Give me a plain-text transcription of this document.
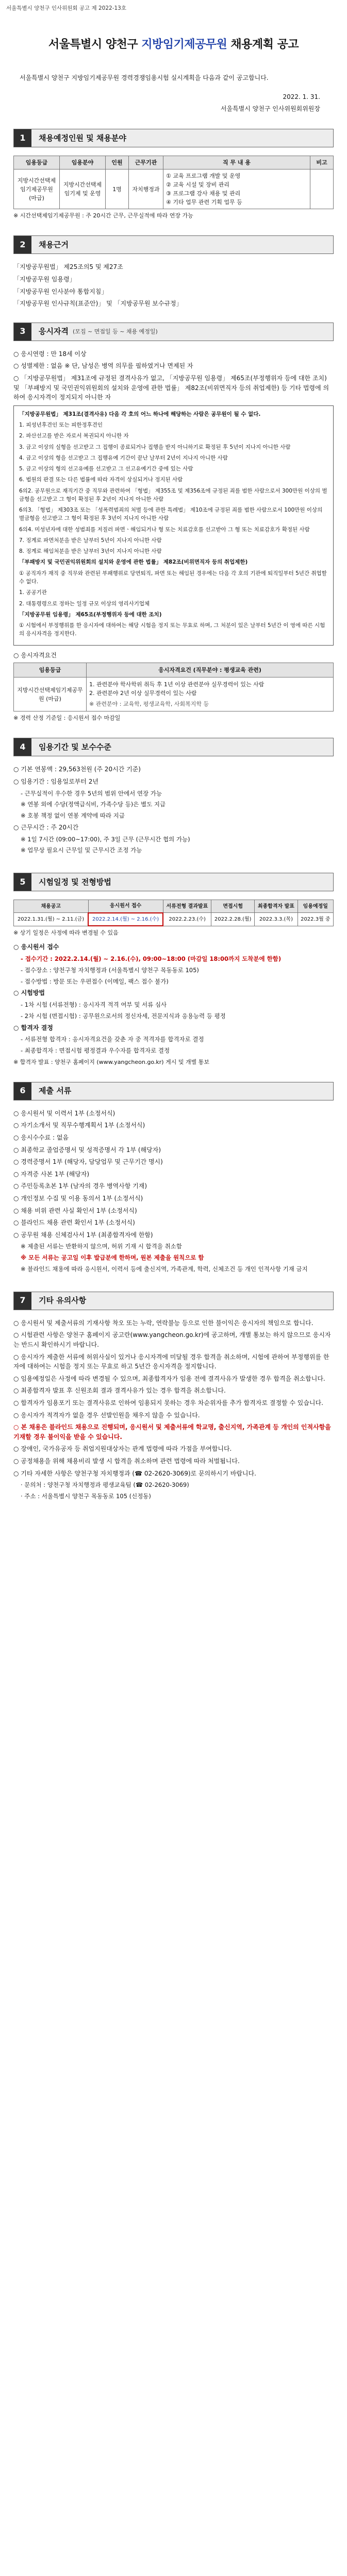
서울특별시 양천구 인사위원회 공고 제 2022-13호
서울특별시 양천구 지방임기제공무원 채용계획 공고

서울특별시 양천구 지방임기제공무원 경력경쟁임용시험 실시계획을 다음과 같이 공고합니다.

2022. 1. 31.
서울특별시 양천구 인사위원회위원장
1	채용예정인원 및 채용분야
임용등급	임용분야	인원	근무기관	직 무 내 용	비고
지방시간선택제임기제공무원 (마급)	지방시간선택제임기제 및 운영	1명	자치행정과	① 교육 프로그램 개발 및 운영
② 교육 시설 및 장비 관리
③ 프로그램 강사 채용 및 관리
④ 기타 업무 관련 기획 업무 등	

※ 시간선택제임기제공무원 : 주 20시간 근무, 근무실적에 따라 연장 가능
2	채용근거

「지방공무원법」 제25조의5 및 제27조

「지방공무원 임용령」

「지방공무원 인사분야 통합지침」

「지방공무원 인사규칙(표준안)」 및 「지방공무원 보수규정」

3	응시자격 (모집 ~ 면접일 등 ~ 채용 예정일)

○ 응시연령 : 만 18세 이상

○ 성별제한 : 없음 ※ 단, 남성은 병역 의무를 필하였거나 면제된 자

○ 「지방공무원법」 제31조에 규정된 결격사유가 없고, 「지방공무원 임용령」 제65조(부정행위자 등에 대한 조치) 및 「부패방지 및 국민권익위원회의 설치와 운영에 관한 법률」 제82조(비위면직자 등의 취업제한) 등 기타 법령에 의하여 응시자격이 정지되지 아니한 자

「지방공무원법」 제31조(결격사유) 다음 각 호의 어느 하나에 해당하는 사람은 공무원이 될 수 없다.

1. 피성년후견인 또는 피한정후견인

2. 파산선고를 받은 자로서 복권되지 아니한 자

3. 금고 이상의 실형을 선고받고 그 집행이 종료되거나 집행을 받지 아니하기로 확정된 후 5년이 지나지 아니한 사람

4. 금고 이상의 형을 선고받고 그 집행유예 기간이 끝난 날부터 2년이 지나지 아니한 사람

5. 금고 이상의 형의 선고유예를 선고받고 그 선고유예기간 중에 있는 사람

6. 법원의 판결 또는 다른 법률에 따라 자격이 상실되거나 정지된 사람

6의2. 공무원으로 재직기간 중 직무와 관련하여 「형법」 제355조 및 제356조에 규정된 죄를 범한 사람으로서 300만원 이상의 벌금형을 선고받고 그 형이 확정된 후 2년이 지나지 아니한 사람

6의3. 「형법」 제303조 또는 「성폭력범죄의 처벌 등에 관한 특례법」 제10조에 규정된 죄를 범한 사람으로서 100만원 이상의 벌금형을 선고받고 그 형이 확정된 후 3년이 지나지 아니한 사람

6의4. 미성년자에 대한 성범죄를 저질러 파면ㆍ해임되거나 형 또는 치료감호를 선고받아 그 형 또는 치료감호가 확정된 사람

7. 징계로 파면처분을 받은 날부터 5년이 지나지 아니한 사람

8. 징계로 해임처분을 받은 날부터 3년이 지나지 아니한 사람

「부패방지 및 국민권익위원회의 설치와 운영에 관한 법률」 제82조(비위면직자 등의 취업제한)

① 공직자가 재직 중 직무와 관련된 부패행위로 당연퇴직, 파면 또는 해임된 경우에는 다음 각 호의 기관에 퇴직일부터 5년간 취업할 수 없다.

1. 공공기관

2. 대통령령으로 정하는 일정 규모 이상의 영리사기업체

「지방공무원 임용령」 제65조(부정행위자 등에 대한 조치)

① 시험에서 부정행위를 한 응시자에 대하여는 해당 시험을 정지 또는 무효로 하며, 그 처분이 있은 날부터 5년간 이 영에 따른 시험의 응시자격을 정지한다.

○ 응시자격요건

임용등급	응시자격요건 (직무분야 : 평생교육 관련)
지방시간선택제임기제공무원 (마급)	1. 관련분야 학사학위 취득 후 1년 이상 관련분야 실무경력이 있는 사람
2. 관련분야 2년 이상 실무경력이 있는 사람
※ 관련분야 : 교육학, 평생교육학, 사회복지학 등
※ 경력 산정 기준일 : 응시원서 접수 마감일
4	임용기간 및 보수수준

○ 기본 연봉액 : 29,563천원 (주 20시간 기준)

○ 임용기간 : 임용일로부터 2년

- 근무실적이 우수한 경우 5년의 범위 안에서 연장 가능

※ 연봉 외에 수당(정액급식비, 가족수당 등)은 별도 지급

※ 호봉 책정 없이 연봉 계약에 따라 지급

○ 근무시간 : 주 20시간

※ 1일 7시간 (09:00~17:00), 주 3일 근무 (근무시간 협의 가능)

※ 업무상 필요시 근무일 및 근무시간 조정 가능

5	시험일정 및 전형방법
채용공고	응시원서 접수	서류전형 결과발표	면접시험	최종합격자 발표	임용예정일
2022.1.31.(월) ~ 2.11.(금)	2022.2.14.(월) ~ 2.16.(수)	2022.2.23.(수)	2022.2.28.(월)	2022.3.3.(목)	2022.3월 중
※ 상기 일정은 사정에 따라 변경될 수 있음

○ 응시원서 접수

- 접수기간 : 2022.2.14.(월) ~ 2.16.(수), 09:00~18:00 (마감일 18:00까지 도착분에 한함)

- 접수장소 : 양천구청 자치행정과 (서울특별시 양천구 목동동로 105)

- 접수방법 : 방문 또는 우편접수 (이메일, 팩스 접수 불가)

○ 시험방법

- 1차 시험 (서류전형) : 응시자격 적격 여부 및 서류 심사

- 2차 시험 (면접시험) : 공무원으로서의 정신자세, 전문지식과 응용능력 등 평정

○ 합격자 결정

- 서류전형 합격자 : 응시자격요건을 갖춘 자 중 적격자를 합격자로 결정

- 최종합격자 : 면접시험 평정결과 우수자를 합격자로 결정

※ 합격자 발표 : 양천구 홈페이지 (www.yangcheon.go.kr) 게시 및 개별 통보

6	제출 서류

○ 응시원서 및 이력서 1부 (소정서식)

○ 자기소개서 및 직무수행계획서 1부 (소정서식)

○ 응시수수료 : 없음

○ 최종학교 졸업증명서 및 성적증명서 각 1부 (해당자)

○ 경력증명서 1부 (해당자, 담당업무 및 근무기간 명시)

○ 자격증 사본 1부 (해당자)

○ 주민등록초본 1부 (남자의 경우 병역사항 기재)

○ 개인정보 수집 및 이용 동의서 1부 (소정서식)

○ 채용 비위 관련 사실 확인서 1부 (소정서식)

○ 블라인드 채용 관련 확인서 1부 (소정서식)

○ 공무원 채용 신체검사서 1부 (최종합격자에 한함)

※ 제출된 서류는 반환하지 않으며, 허위 기재 시 합격을 취소함

※ 모든 서류는 공고일 이후 발급분에 한하며, 원본 제출을 원칙으로 함

※ 블라인드 채용에 따라 응시원서, 이력서 등에 출신지역, 가족관계, 학력, 신체조건 등 개인 인적사항 기재 금지

7	기타 유의사항

○ 응시원서 및 제출서류의 기재사항 착오 또는 누락, 연락불능 등으로 인한 불이익은 응시자의 책임으로 합니다.

○ 시험관련 사항은 양천구 홈페이지 공고란(www.yangcheon.go.kr)에 공고하며, 개별 통보는 하지 않으므로 응시자는 반드시 확인하시기 바랍니다.

○ 응시자가 제출한 서류에 허위사실이 있거나 응시자격에 미달될 경우 합격을 취소하며, 시험에 관하여 부정행위를 한 자에 대하여는 시험을 정지 또는 무효로 하고 5년간 응시자격을 정지합니다.

○ 임용예정일은 사정에 따라 변경될 수 있으며, 최종합격자가 임용 전에 결격사유가 발생한 경우 합격을 취소합니다.

○ 최종합격자 발표 후 신원조회 결과 결격사유가 있는 경우 합격을 취소합니다.

○ 합격자가 임용포기 또는 결격사유로 인하여 임용되지 못하는 경우 차순위자를 추가 합격자로 결정할 수 있습니다.

○ 응시자가 적격자가 없을 경우 선발인원을 채우지 않을 수 있습니다.

○ 본 채용은 블라인드 채용으로 진행되며, 응시원서 및 제출서류에 학교명, 출신지역, 가족관계 등 개인의 인적사항을 기재할 경우 불이익을 받을 수 있습니다.

○ 장애인, 국가유공자 등 취업지원대상자는 관계 법령에 따라 가점을 부여합니다.

○ 공정채용을 위해 채용비리 발생 시 합격을 취소하며 관련 법령에 따라 처벌됩니다.

○ 기타 자세한 사항은 양천구청 자치행정과 (☎ 02-2620-3069)로 문의하시기 바랍니다.

· 문의처 : 양천구청 자치행정과 평생교육팀 (☎ 02-2620-3069)

· 주소 : 서울특별시 양천구 목동동로 105 (신정동)
